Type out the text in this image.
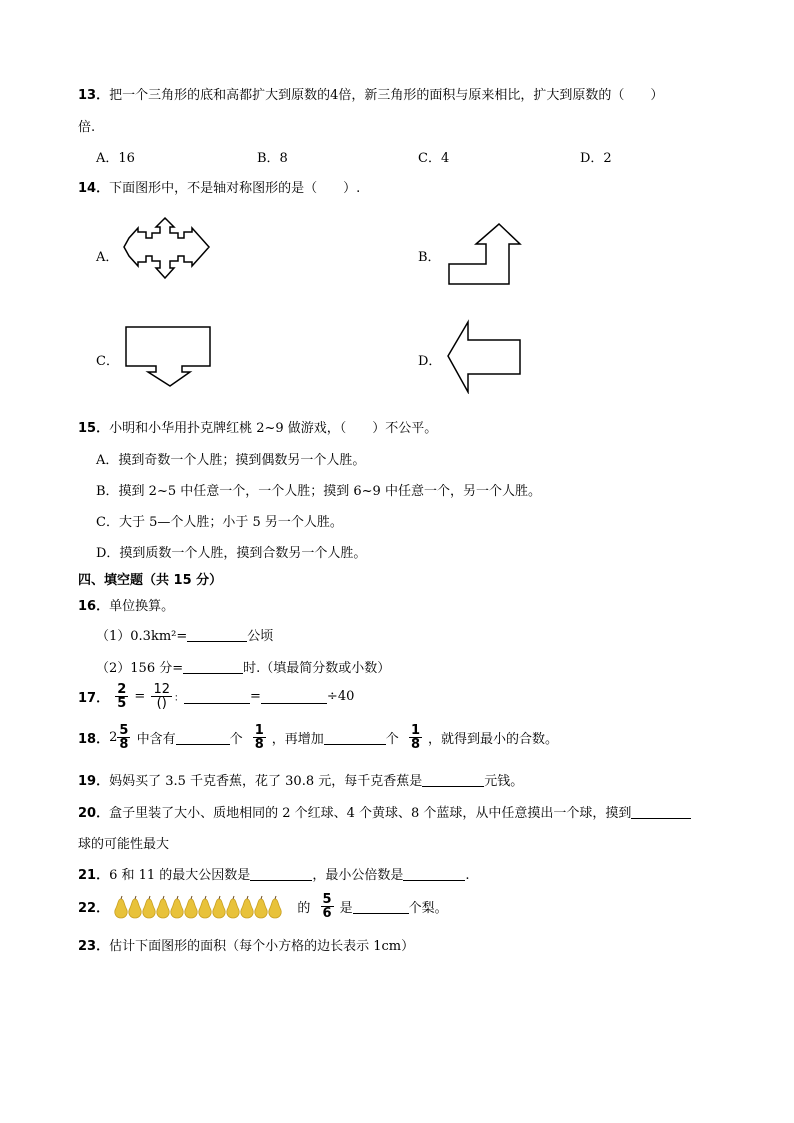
13．把一个三角形的底和高都扩大到原数的4倍，新三角形的面积与原来相比，扩大到原数的（　　）
倍.
A．16	B．8	C．4	D．2
14．下面图形中，不是轴对称图形的是（　　）.
A．	B．
C．	D．
15．小明和小华用扑克牌红桃 2~9 做游戏，（　　）不公平。
A．摸到奇数一个人胜；摸到偶数另一个人胜。
B．摸到 2~5 中任意一个，一个人胜；摸到 6~9 中任意一个，另一个人胜。
C．大于 5—个人胜；小于 5 另一个人胜。
D．摸到质数一个人胜，摸到合数另一个人胜。
四、填空题（共 15 分）
16．单位换算。
（1）0.3km²=	公顷
（2）156 分=	时.（填最简分数或小数）
17． $\frac{2}{5} = \frac{12}{()}$ ：	=	÷40
18．$2 \frac{5}{8}$ 中含有	个 $\frac{1}{8}$ ，再增加	个 $\frac{1}{8}$ ，就得到最小的合数。
19．妈妈买了 3.5 千克香蕉，花了 30.8 元，每千克香蕉是	元钱。
20．盒子里装了大小、质地相同的 2 个红球、4 个黄球、8 个蓝球，从中任意摸出一个球，摸到
球的可能性最大
21．6 和 11 的最大公因数是	，最小公倍数是	.
22．	的 $\frac{5}{6}$ 是	个梨。
23．估计下面图形的面积（每个小方格的边长表示 1cm）
